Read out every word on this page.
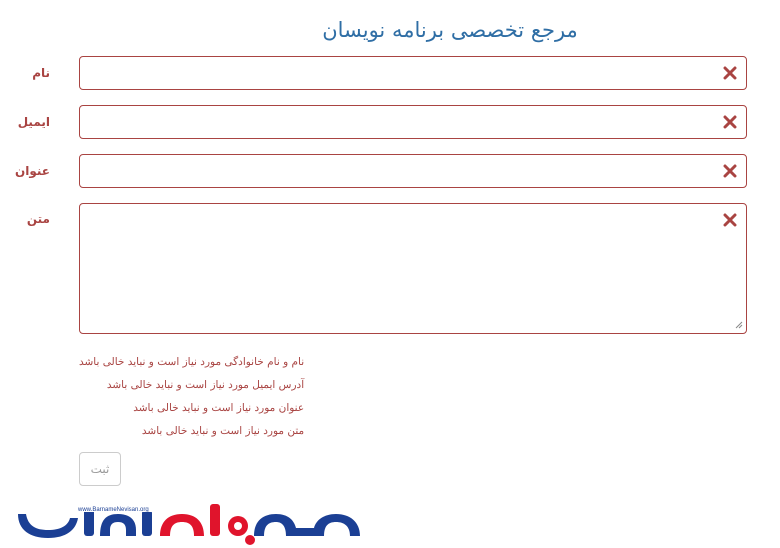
مرجع تخصصی برنامه نویسان
نام
ایمیل
عنوان
متن
نام و نام خانوادگی مورد نیاز است و نباید خالی باشد
آدرس ایمیل مورد نیاز است و نباید خالی باشد
عنوان مورد نیاز است و نباید خالی باشد
متن مورد نیاز است و نباید خالی باشد
ثبت
www.BarnameNevisan.org
